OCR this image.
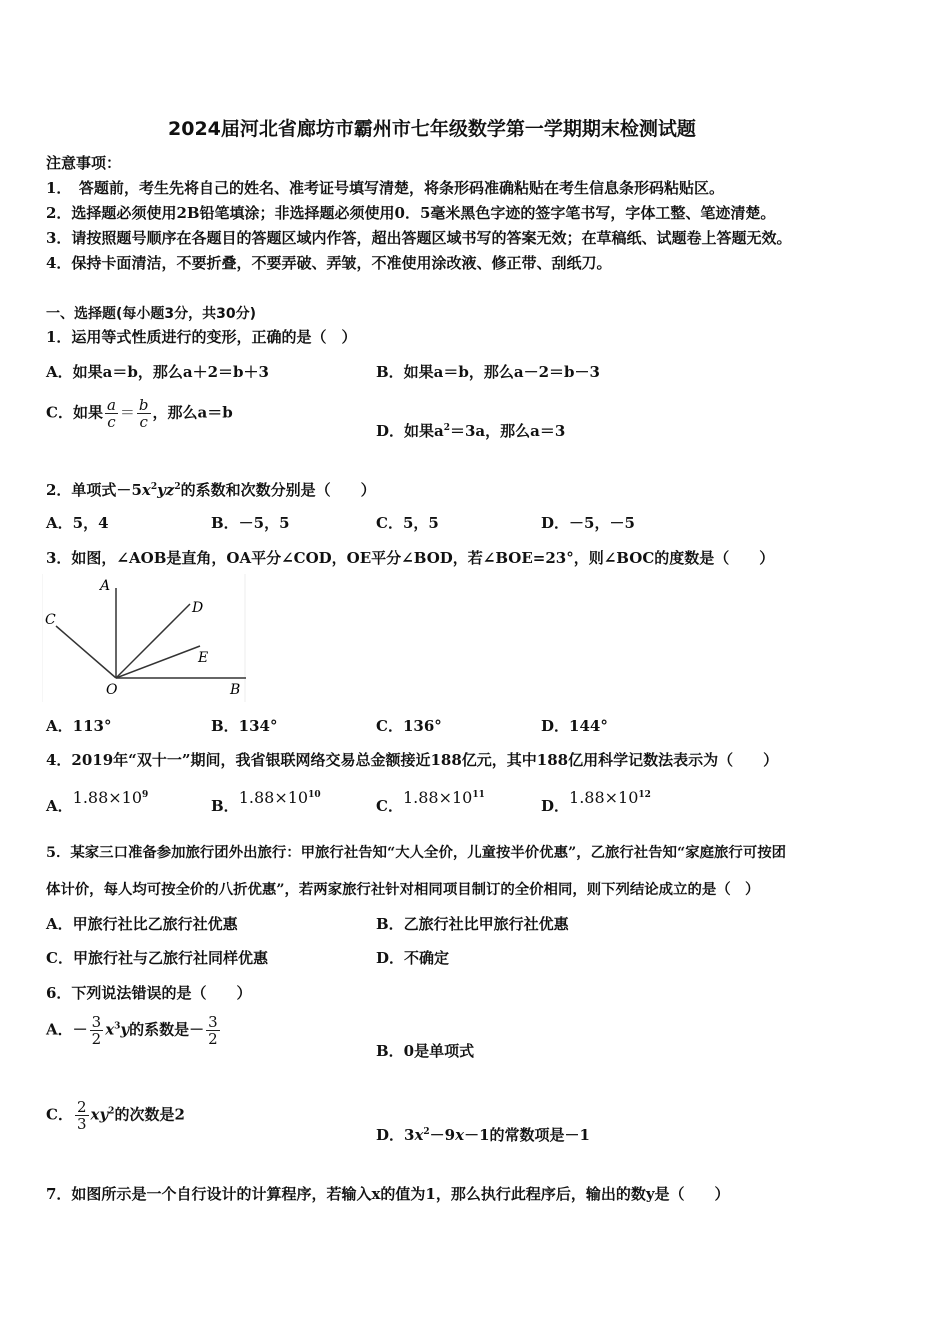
2024届河北省廊坊市霸州市七年级数学第一学期期末检测试题
注意事项：
1．　答题前，考生先将自己的姓名、准考证号填写清楚，将条形码准确粘贴在考生信息条形码粘贴区。
2．选择题必须使用2B铅笔填涂；非选择题必须使用0．5毫米黑色字迹的签字笔书写，字体工整、笔迹清楚。
3．请按照题号顺序在各题目的答题区域内作答，超出答题区域书写的答案无效；在草稿纸、试题卷上答题无效。
4．保持卡面清洁，不要折叠，不要弄破、弄皱，不准使用涂改液、修正带、刮纸刀。
一、选择题(每小题3分，共30分)
1．运用等式性质进行的变形，正确的是（　）
A．如果a＝b，那么a＋2＝b＋3	B．如果a＝b，那么a－2＝b－3
C．如果 $\frac{a}{c} = \frac{b}{c}$ ，那么a＝b
D．如果$a^2=3a$，那么a＝3
2．单项式$-5x^2yz^2$的系数和次数分别是（　　）
A．5，4	B．－5，5	C．5，5	D．－5，－5
3．如图，∠AOB是直角，OA平分∠COD，OE平分∠BOD，若∠BOE=23°，则∠BOC的度数是（　　）
A
C
D
E
O	B
A．113°	B．134°	C．136°	D．144°
4．2019年“双十一”期间，我省银联网络交易总金额接近188亿元，其中188亿用科学记数法表示为（　　）
A．$1.88\times 10^9$
B．$1.88\times 10^{10}$
C．$1.88\times 10^{11}$
D．$1.88\times 10^{12}$
5．某家三口准备参加旅行团外出旅行：甲旅行社告知“大人全价，儿童按半价优惠”，乙旅行社告知“家庭旅行可按团
体计价，每人均可按全价的八折优惠”，若两家旅行社针对相同项目制订的全价相同，则下列结论成立的是（　）
A．甲旅行社比乙旅行社优惠	B．乙旅行社比甲旅行社优惠
C．甲旅行社与乙旅行社同样优惠	D．不确定
6．下列说法错误的是（　　）
A．－ $\frac{3}{2} x^3y$的系数是－ $\frac{3}{2}$
B．0是单项式
C． $\frac{2}{3} xy^2$的次数是2
D．$3x^2-9x-1$的常数项是－1
7．如图所示是一个自行设计的计算程序，若输入x的值为1，那么执行此程序后，输出的数y是（　　）
